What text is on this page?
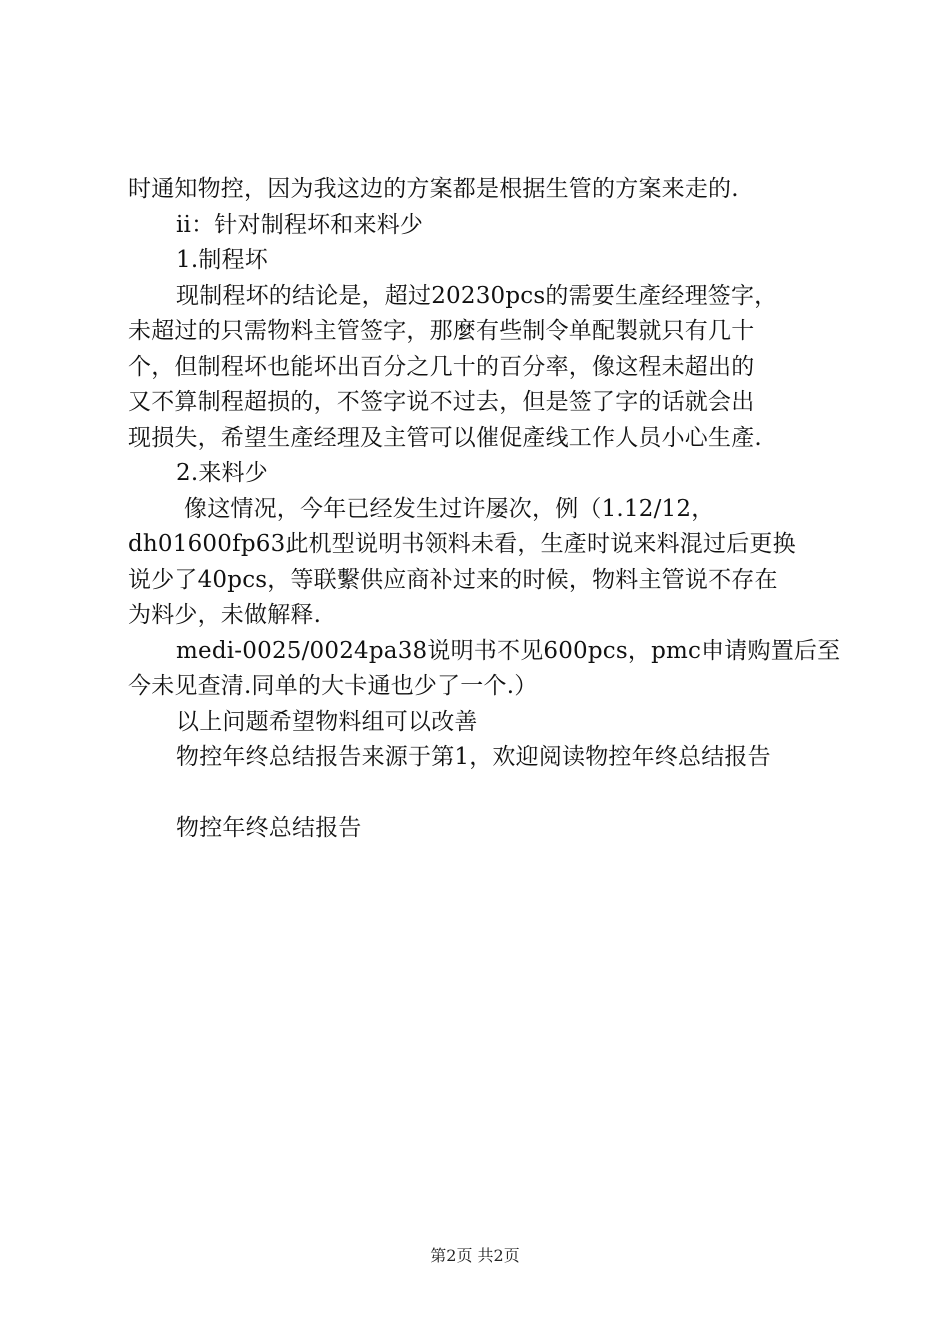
时通知物控，因为我这边的方案都是根据生管的方案来走的.
ii：针对制程坏和来料少
1.制程坏
现制程坏的结论是，超过20230pcs的需要生產经理签字，
未超过的只需物料主管签字，那麼有些制令单配製就只有几十
个，但制程坏也能坏出百分之几十的百分率，像这程未超出的
又不算制程超损的，不签字说不过去，但是签了字的话就会出
现损失，希望生產经理及主管可以催促產线工作人员小心生產.
2.来料少
像这情况，今年已经发生过许屡次，例（1.12/12，
dh01600fp63此机型说明书领料未看，生產时说来料混过后更换
说少了40pcs，等联繫供应商补过来的时候，物料主管说不存在
为料少，未做解释.
medi-0025/0024pa38说明书不见600pcs，pmc申请购置后至
今未见查清.同单的大卡通也少了一个.）
以上问题希望物料组可以改善
物控年终总结报告来源于第1，欢迎阅读物控年终总结报告
物控年终总结报告
第2页 共2页
